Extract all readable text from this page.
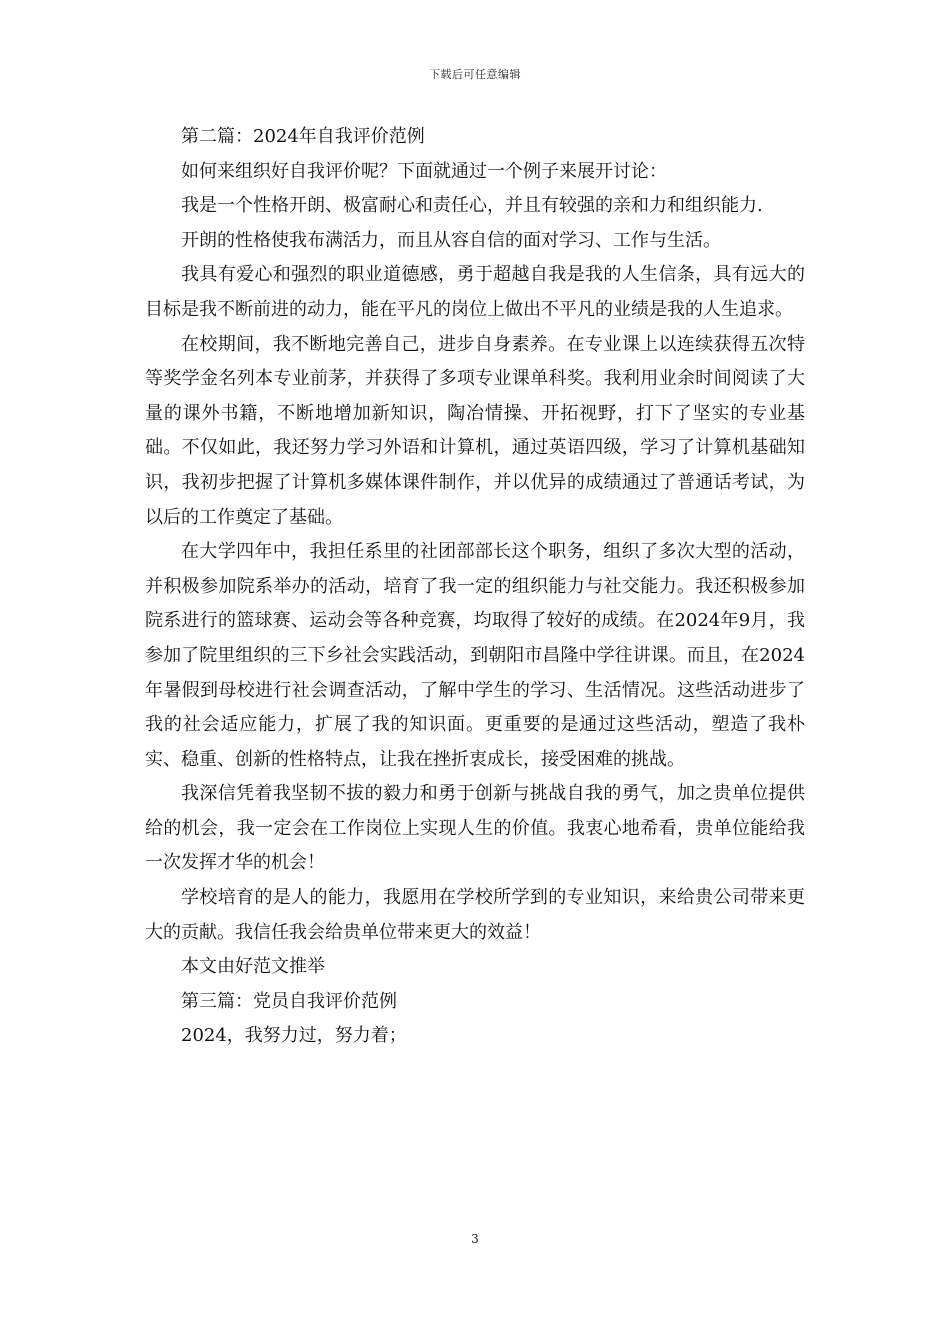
下载后可任意编辑

第二篇：2024年自我评价范例

如何来组织好自我评价呢？下面就通过一个例子来展开讨论：

我是一个性格开朗、极富耐心和责任心，并且有较强的亲和力和组织能力.

开朗的性格使我布满活力，而且从容自信的面对学习、工作与生活。

我具有爱心和强烈的职业道德感，勇于超越自我是我的人生信条，具有远大的目标是我不断前进的动力，能在平凡的岗位上做出不平凡的业绩是我的人生追求。

在校期间，我不断地完善自己，进步自身素养。在专业课上以连续获得五次特等奖学金名列本专业前茅，并获得了多项专业课单科奖。我利用业余时间阅读了大量的课外书籍，不断地增加新知识，陶冶情操、开拓视野，打下了坚实的专业基础。不仅如此，我还努力学习外语和计算机，通过英语四级，学习了计算机基础知识，我初步把握了计算机多媒体课件制作，并以优异的成绩通过了普通话考试，为以后的工作奠定了基础。

在大学四年中，我担任系里的社团部部长这个职务，组织了多次大型的活动，并积极参加院系举办的活动，培育了我一定的组织能力与社交能力。我还积极参加院系进行的篮球赛、运动会等各种竞赛，均取得了较好的成绩。在2024年9月，我参加了院里组织的三下乡社会实践活动，到朝阳市昌隆中学往讲课。而且，在2024年暑假到母校进行社会调查活动，了解中学生的学习、生活情况。这些活动进步了我的社会适应能力，扩展了我的知识面。更重要的是通过这些活动，塑造了我朴实、稳重、创新的性格特点，让我在挫折衷成长，接受困难的挑战。

我深信凭着我坚韧不拔的毅力和勇于创新与挑战自我的勇气，加之贵单位提供给的机会，我一定会在工作岗位上实现人生的价值。我衷心地希看，贵单位能给我一次发挥才华的机会！

学校培育的是人的能力，我愿用在学校所学到的专业知识，来给贵公司带来更大的贡献。我信任我会给贵单位带来更大的效益！

本文由好范文推举

第三篇：党员自我评价范例

2024，我努力过，努力着；

3
